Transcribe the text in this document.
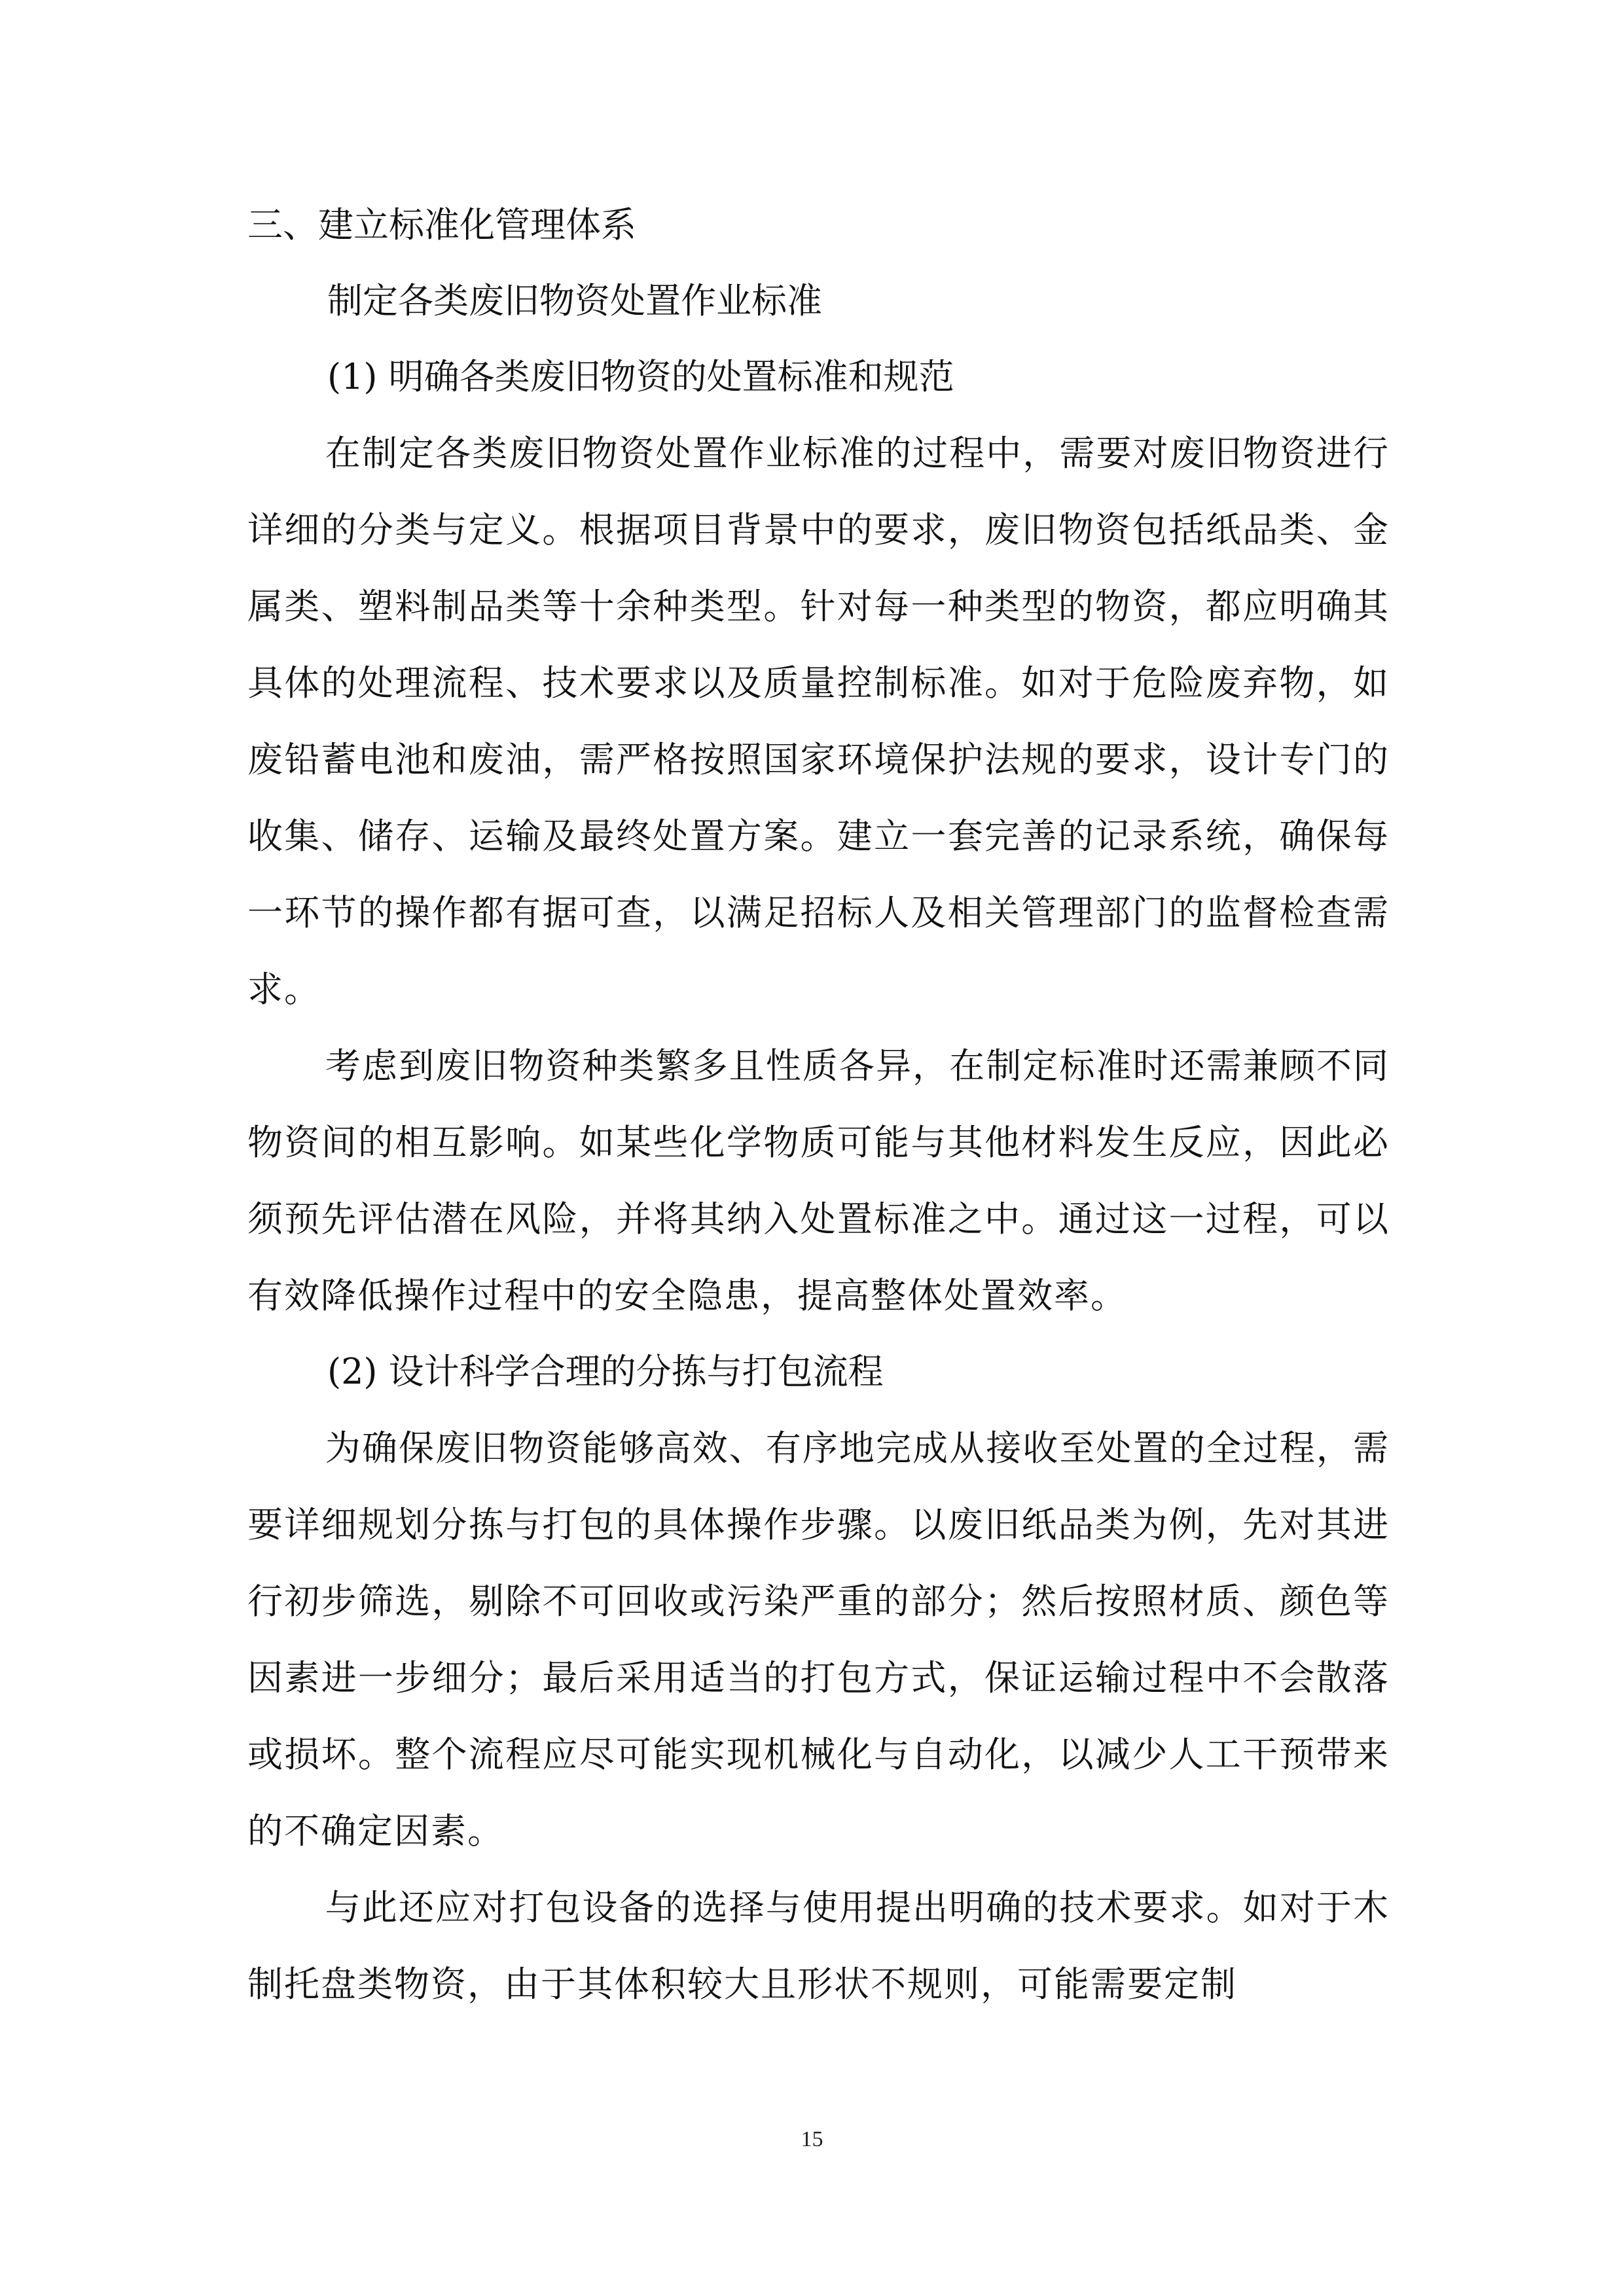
三、建立标准化管理体系
制定各类废旧物资处置作业标准
(1) 明确各类废旧物资的处置标准和规范

在制定各类废旧物资处置作业标准的过程中，需要对废旧物资进行详细的分类与定义。根据项目背景中的要求，废旧物资包括纸品类、金属类、塑料制品类等十余种类型。针对每一种类型的物资，都应明确其具体的处理流程、技术要求以及质量控制标准。如对于危险废弃物，如废铅蓄电池和废油，需严格按照国家环境保护法规的要求，设计专门的收集、储存、运输及最终处置方案。建立一套完善的记录系统，确保每一环节的操作都有据可查，以满足招标人及相关管理部门的监督检查需求。

考虑到废旧物资种类繁多且性质各异，在制定标准时还需兼顾不同物资间的相互影响。如某些化学物质可能与其他材料发生反应，因此必须预先评估潜在风险，并将其纳入处置标准之中。通过这一过程，可以有效降低操作过程中的安全隐患，提高整体处置效率。

(2) 设计科学合理的分拣与打包流程

为确保废旧物资能够高效、有序地完成从接收至处置的全过程，需要详细规划分拣与打包的具体操作步骤。以废旧纸品类为例，先对其进行初步筛选，剔除不可回收或污染严重的部分；然后按照材质、颜色等因素进一步细分；最后采用适当的打包方式，保证运输过程中不会散落或损坏。整个流程应尽可能实现机械化与自动化，以减少人工干预带来的不确定因素。

与此还应对打包设备的选择与使用提出明确的技术要求。如对于木制托盘类物资，由于其体积较大且形状不规则，可能需要定制

15
